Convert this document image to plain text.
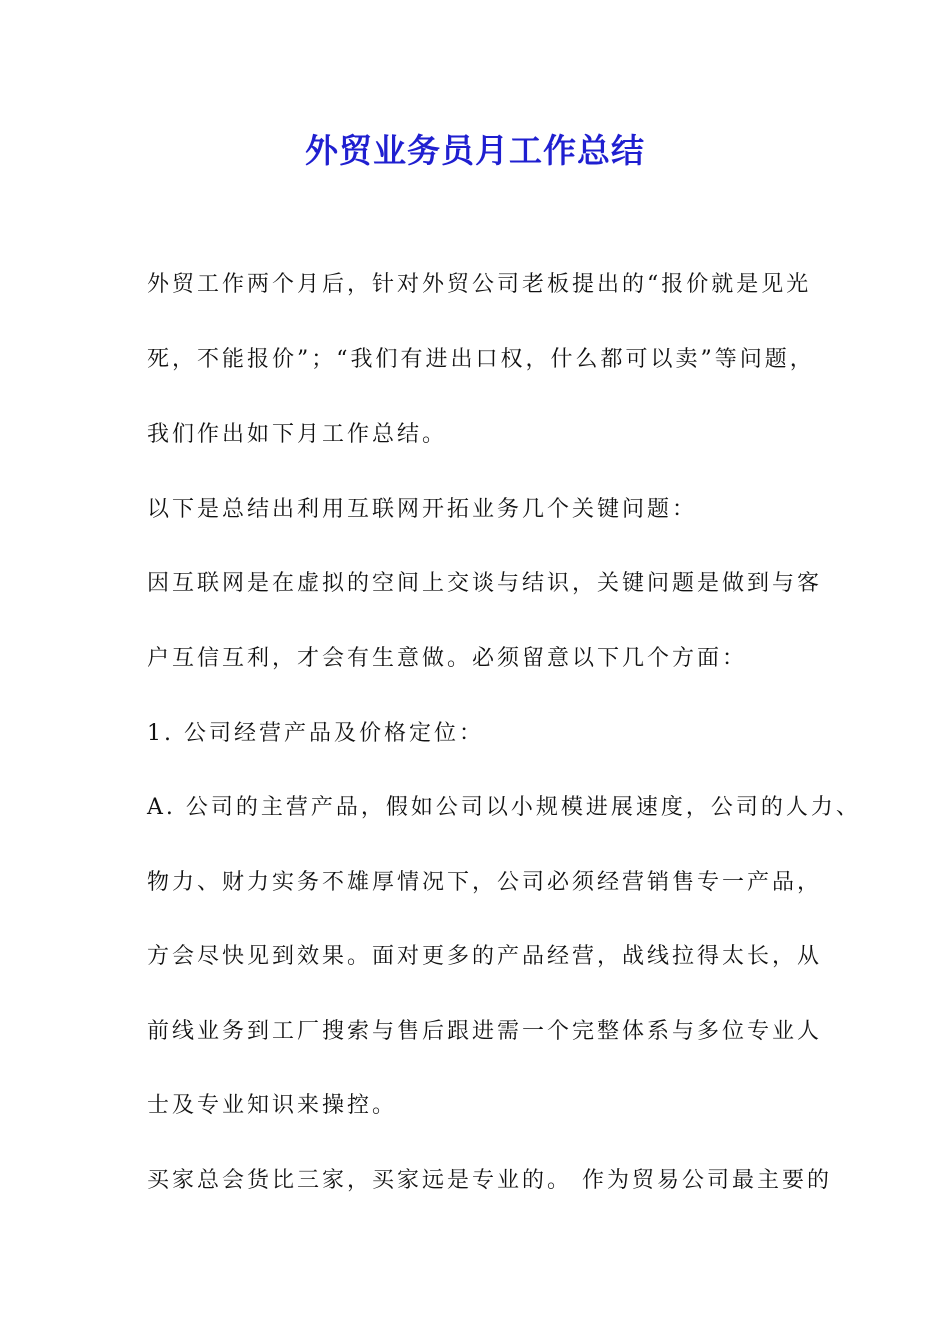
外贸业务员月工作总结
外贸工作两个月后，针对外贸公司老板提出的“报价就是见光
死，不能报价”；“我们有进出口权，什么都可以卖”等问题，
我们作出如下月工作总结。
以下是总结出利用互联网开拓业务几个关键问题：
因互联网是在虚拟的空间上交谈与结识，关键问题是做到与客
户互信互利，才会有生意做。必须留意以下几个方面：
1. 公司经营产品及价格定位：
A. 公司的主营产品，假如公司以小规模进展速度，公司的人力、
物力、财力实务不雄厚情况下，公司必须经营销售专一产品，
方会尽快见到效果。面对更多的产品经营，战线拉得太长，从
前线业务到工厂搜索与售后跟进需一个完整体系与多位专业人
士及专业知识来操控。
买家总会货比三家，买家远是专业的。 作为贸易公司最主要的
